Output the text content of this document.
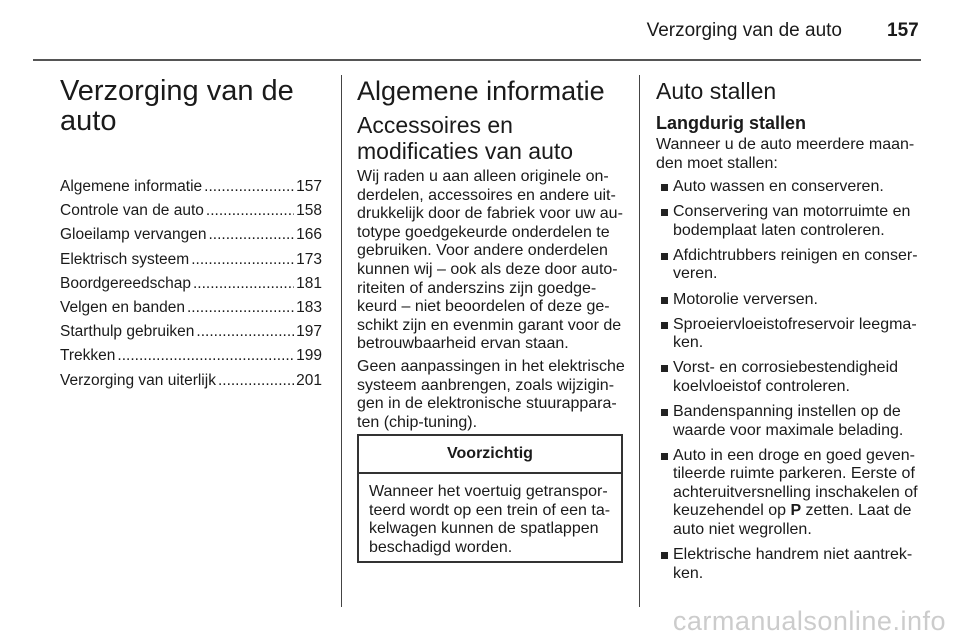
Verzorging van de auto 157
Verzorging van de
auto
Algemene informatie .....	157
Controle van de auto .....	158
Gloeilamp vervangen .....	166
Elektrisch systeem .....	173
Boordgereedschap .....	181
Velgen en banden .....	183
Starthulp gebruiken .....	197
Trekken .....	199
Verzorging van uiterlijk .....	201
Algemene informatie
Accessoires en
modificaties van auto
Wij raden u aan alleen originele on-
derdelen, accessoires en andere uit-
drukkelijk door de fabriek voor uw au-
totype goedgekeurde onderdelen te
gebruiken. Voor andere onderdelen
kunnen wij – ook als deze door auto-
riteiten of anderszins zijn goedge-
keurd – niet beoordelen of deze ge-
schikt zijn en evenmin garant voor de
betrouwbaarheid ervan staan.
Geen aanpassingen in het elektrische
systeem aanbrengen, zoals wijzigin-
gen in de elektronische stuurappara-
ten (chip-tuning).
Voorzichtig
Wanneer het voertuig getranspor-
teerd wordt op een trein of een ta-
kelwagen kunnen de spatlappen
beschadigd worden.
Auto stallen
Langdurig stallen
Wanneer u de auto meerdere maan-
den moet stallen:
Auto wassen en conserveren.
Conservering van motorruimte en
bodemplaat laten controleren.
Afdichtrubbers reinigen en conser-
veren.
Motorolie verversen.
Sproeiervloeistofreservoir leegma-
ken.
Vorst- en corrosiebestendigheid
koelvloeistof controleren.
Bandenspanning instellen op de
waarde voor maximale belading.
Auto in een droge en goed geven-
tileerde ruimte parkeren. Eerste of
achteruitversnelling inschakelen of
keuzehendel op P zetten. Laat de
auto niet wegrollen.
Elektrische handrem niet aantrek-
ken.
carmanualsonline.info
